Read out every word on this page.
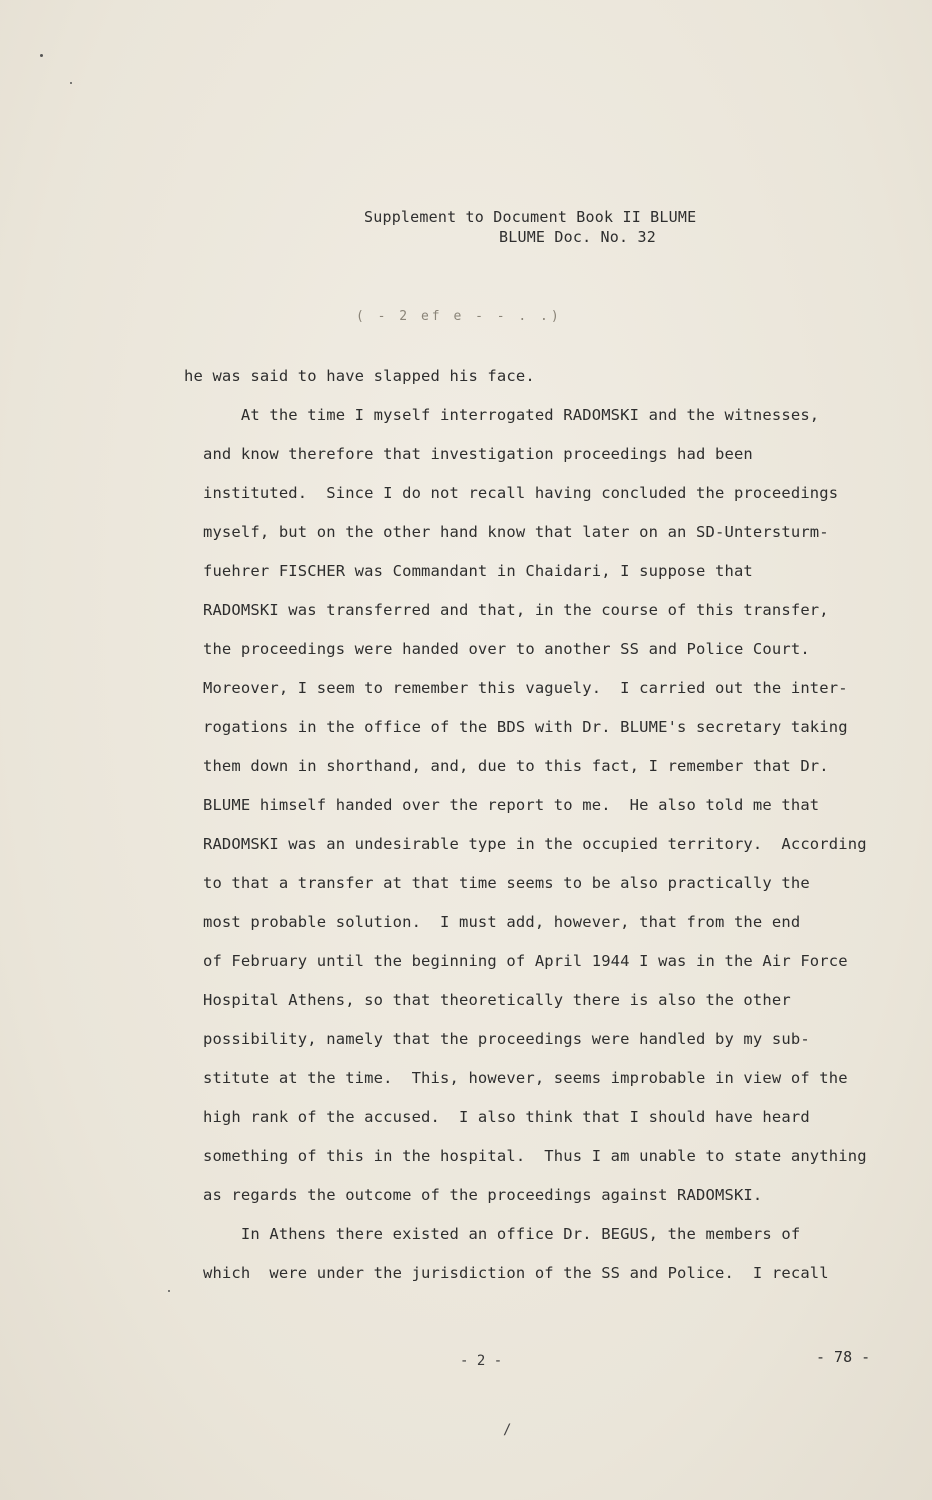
Supplement to Document Book II BLUME
BLUME Doc. No. 32
( - 2 ef e - - . .)
he was said to have slapped his face.
At the time I myself interrogated RADOMSKI and the witnesses,
and know therefore that investigation proceedings had been
instituted.  Since I do not recall having concluded the proceedings
myself, but on the other hand know that later on an SD-Untersturm-
fuehrer FISCHER was Commandant in Chaidari, I suppose that
RADOMSKI was transferred and that, in the course of this transfer,
the proceedings were handed over to another SS and Police Court.
Moreover, I seem to remember this vaguely.  I carried out the inter-
rogations in the office of the BDS with Dr. BLUME's secretary taking
them down in shorthand, and, due to this fact, I remember that Dr.
BLUME himself handed over the report to me.  He also told me that
RADOMSKI was an undesirable type in the occupied territory.  According
to that a transfer at that time seems to be also practically the
most probable solution.  I must add, however, that from the end
of February until the beginning of April 1944 I was in the Air Force
Hospital Athens, so that theoretically there is also the other
possibility, namely that the proceedings were handled by my sub-
stitute at the time.  This, however, seems improbable in view of the
high rank of the accused.  I also think that I should have heard
something of this in the hospital.  Thus I am unable to state anything
as regards the outcome of the proceedings against RADOMSKI.
In Athens there existed an office Dr. BEGUS, the members of
which  were under the jurisdiction of the SS and Police.  I recall
- 2 -	- 78 -
/
